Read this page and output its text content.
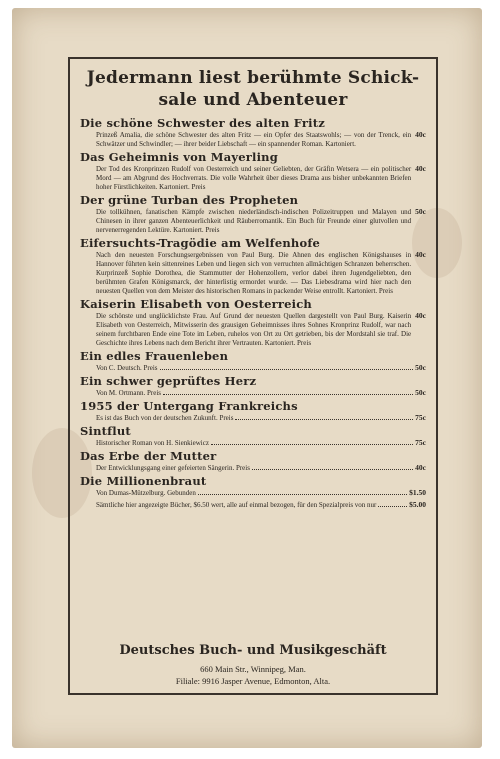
Jedermann liest berühmte Schick-
sale und Abenteuer
Die schöne Schwester des alten Fritz
Prinzeß Amalia, die schöne Schwester des alten Fritz — ein Opfer des Staatswohls; — von der Trenck, ein Schwätzer und Schwindler; — ihrer beider Liebschaft — ein spannender Roman. Kartoniert.
40c
Das Geheimnis von Mayerling
Der Tod des Kronprinzen Rudolf von Oesterreich und seiner Geliebten, der Gräfin Wetsera — ein politischer Mord — am Abgrund des Hochverrats. Die volle Wahrheit über dieses Drama aus bisher unbekannten Briefen hoher Fürstlichkeiten. Kartoniert. Preis
40c
Der grüne Turban des Propheten
Die tollkühnen, fanatischen Kämpfe zwischen niederländisch-indischen Polizeitruppen und Malayen und Chinesen in ihrer ganzen Abenteuerlichkeit und Räuberromantik. Ein Buch für Freunde einer glutvollen und nervenerregenden Lektüre. Kartoniert. Preis
50c
Eifersuchts-Tragödie am Welfenhofe
Nach den neuesten Forschungsergebnissen von Paul Burg. Die Ahnen des englischen Königshauses in Hannover führten kein sittenreines Leben und liegen sich von verruchten allmächtigen Schranzen beherrschen. Kurprinzeß Sophie Dorothea, die Stammutter der Hohenzollern, verlor dabei ihren Jugendgeliebten, den berühmten Grafen Königsmarck, der hinterlistig ermordet wurde. — Das Liebesdrama wird hier nach den neuesten Quellen von dem Meister des historischen Romans in packender Weise entrollt. Kartoniert. Preis
40c
Kaiserin Elisabeth von Oesterreich
Die schönste und unglücklichste Frau. Auf Grund der neuesten Quellen dargestellt von Paul Burg. Kaiserin Elisabeth von Oesterreich, Mitwisserin des grausigen Geheimnisses ihres Sohnes Kronprinz Rudolf, war nach seinem furchtbaren Ende eine Tote im Leben, ruhelos von Ort zu Ort getrieben, bis der Mordstahl sie traf. Die Geschichte ihres Lebens nach dem Bericht ihrer Vertrauten. Kartoniert. Preis
40c
Ein edles Frauenleben
Von C. Deutsch. Preis	50c
Ein schwer geprüftes Herz
Von M. Ortmann. Preis	50c
1955 der Untergang Frankreichs
Es ist das Buch von der deutschen Zukunft. Preis	75c
Sintflut
Historischer Roman von H. Sienkiewicz	75c
Das Erbe der Mutter
Der Entwicklungsgang einer gefeierten Sängerin. Preis	40c
Die Millionenbraut
Von Dumas-Mützelburg. Gebunden	$1.50
Sämtliche hier angezeigte Bücher, $6.50 wert, alle auf einmal bezogen, für den Spezialpreis von nur	$5.00
Deutsches Buch- und Musikgeschäft
660 Main Str., Winnipeg, Man.
Filiale: 9916 Jasper Avenue, Edmonton, Alta.
